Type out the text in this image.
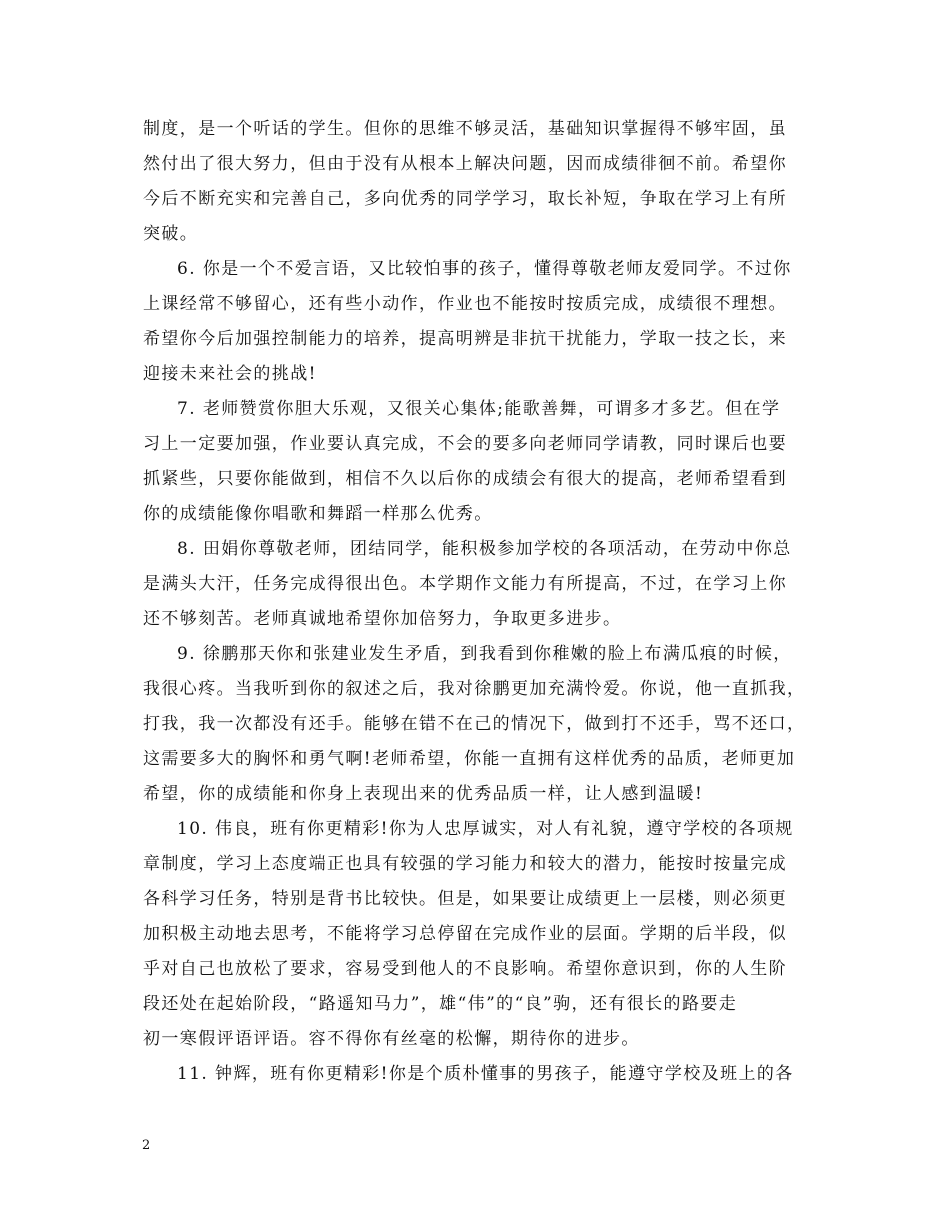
制度，是一个听话的学生。但你的思维不够灵活，基础知识掌握得不够牢固，虽
然付出了很大努力，但由于没有从根本上解决问题，因而成绩徘徊不前。希望你
今后不断充实和完善自己，多向优秀的同学学习，取长补短，争取在学习上有所
突破。
6. 你是一个不爱言语，又比较怕事的孩子，懂得尊敬老师友爱同学。不过你
上课经常不够留心，还有些小动作，作业也不能按时按质完成，成绩很不理想。
希望你今后加强控制能力的培养，提高明辨是非抗干扰能力，学取一技之长，来
迎接未来社会的挑战!
7. 老师赞赏你胆大乐观，又很关心集体;能歌善舞，可谓多才多艺。但在学
习上一定要加强，作业要认真完成，不会的要多向老师同学请教，同时课后也要
抓紧些，只要你能做到，相信不久以后你的成绩会有很大的提高，老师希望看到
你的成绩能像你唱歌和舞蹈一样那么优秀。
8. 田娟你尊敬老师，团结同学，能积极参加学校的各项活动，在劳动中你总
是满头大汗，任务完成得很出色。本学期作文能力有所提高，不过，在学习上你
还不够刻苦。老师真诚地希望你加倍努力，争取更多进步。
9. 徐鹏那天你和张建业发生矛盾，到我看到你稚嫩的脸上布满瓜痕的时候，
我很心疼。当我听到你的叙述之后，我对徐鹏更加充满怜爱。你说，他一直抓我，
打我，我一次都没有还手。能够在错不在己的情况下，做到打不还手，骂不还口，
这需要多大的胸怀和勇气啊!老师希望，你能一直拥有这样优秀的品质，老师更加
希望，你的成绩能和你身上表现出来的优秀品质一样，让人感到温暖!
10. 伟良，班有你更精彩!你为人忠厚诚实，对人有礼貌，遵守学校的各项规
章制度，学习上态度端正也具有较强的学习能力和较大的潜力，能按时按量完成
各科学习任务，特别是背书比较快。但是，如果要让成绩更上一层楼，则必须更
加积极主动地去思考，不能将学习总停留在完成作业的层面。学期的后半段，似
乎对自己也放松了要求，容易受到他人的不良影响。希望你意识到，你的人生阶
段还处在起始阶段，“路遥知马力”，雄“伟”的“良”驹，还有很长的路要走
初一寒假评语评语。容不得你有丝毫的松懈，期待你的进步。
11. 钟辉，班有你更精彩!你是个质朴懂事的男孩子，能遵守学校及班上的各
2
